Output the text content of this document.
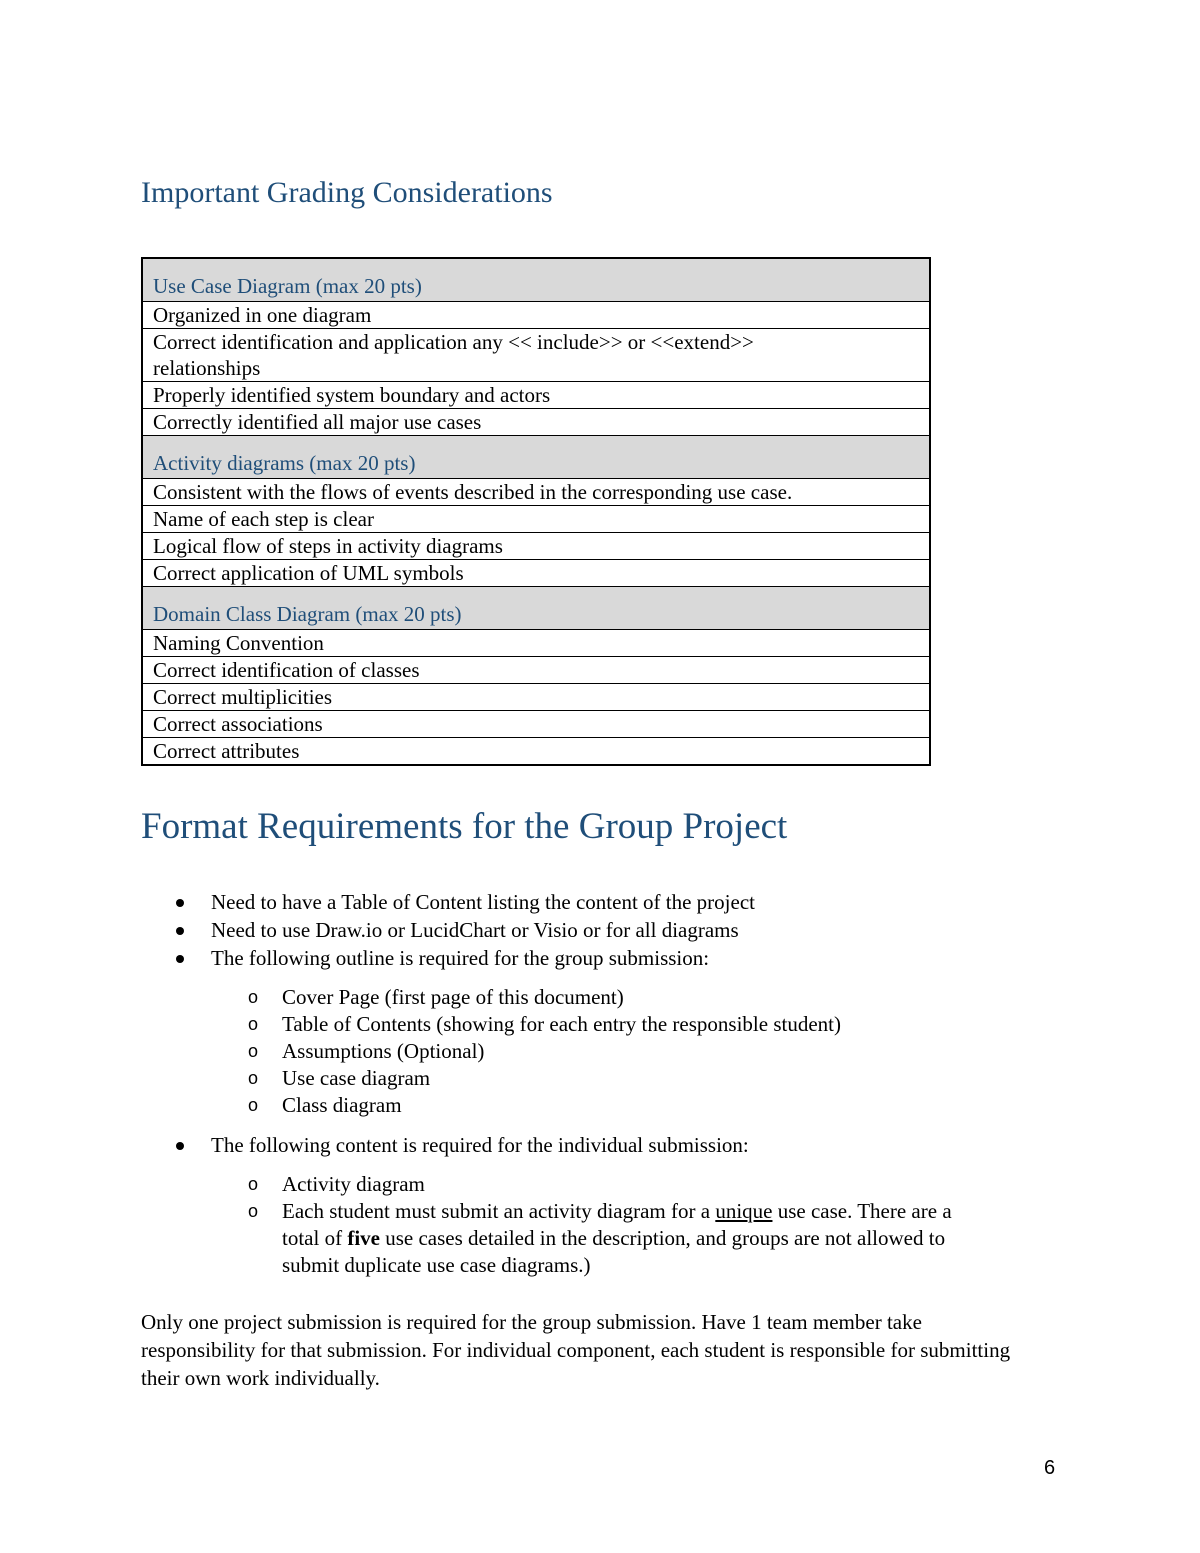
Important Grading Considerations
Use Case Diagram (max 20 pts)
Organized in one diagram
Correct identification and application any << include>> or <<extend>> relationships
Properly identified system boundary and actors
Correctly identified all major use cases
Activity diagrams (max 20 pts)
Consistent with the flows of events described in the corresponding use case.
Name of each step is clear
Logical flow of steps in activity diagrams
Correct application of UML symbols
Domain Class Diagram (max 20 pts)
Naming Convention
Correct identification of classes
Correct multiplicities
Correct associations
Correct attributes
Format Requirements for the Group Project
Need to have a Table of Content listing the content of the project
Need to use Draw.io or LucidChart or Visio or for all diagrams
The following outline is required for the group submission:
o Cover Page (first page of this document)
o Table of Contents (showing for each entry the responsible student)
o Assumptions (Optional)
o Use case diagram
o Class diagram
The following content is required for the individual submission:
o Activity diagram
o Each student must submit an activity diagram for a unique use case. There are a total of five use cases detailed in the description, and groups are not allowed to submit duplicate use case diagrams.)

Only one project submission is required for the group submission. Have 1 team member take responsibility for that submission. For individual component, each student is responsible for submitting their own work individually.

6
